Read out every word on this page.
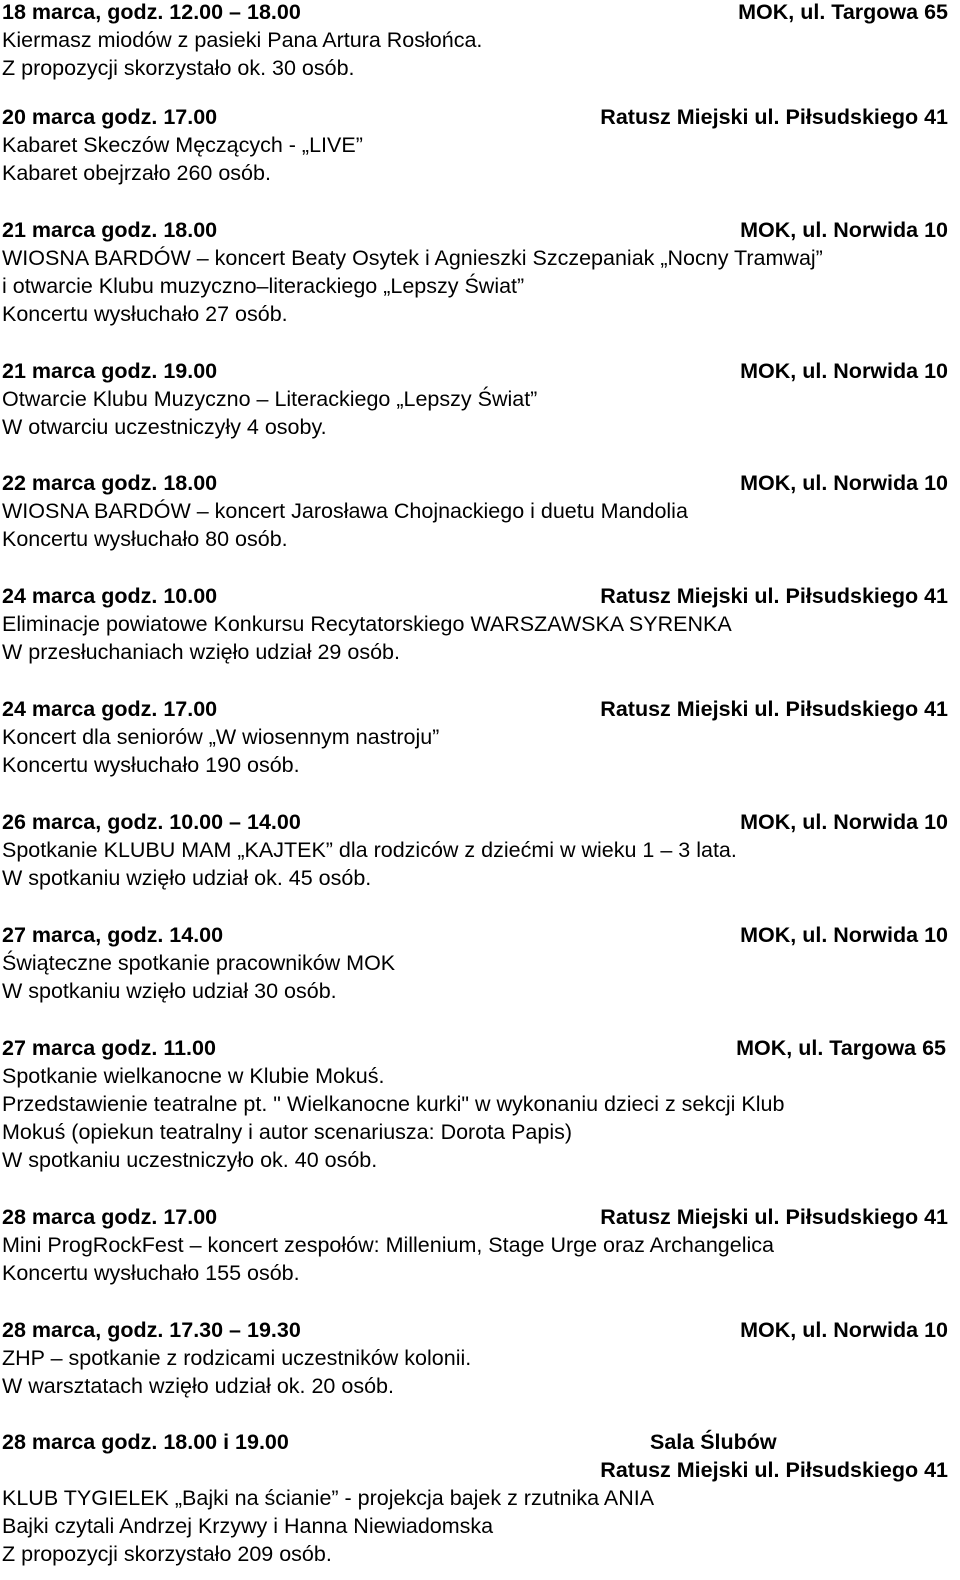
18 marca, godz. 12.00 – 18.00	MOK, ul. Targowa 65
Kiermasz miodów z pasieki Pana Artura Rosłońca.
Z propozycji skorzystało ok. 30 osób.
20 marca godz. 17.00	Ratusz Miejski ul. Piłsudskiego 41
Kabaret Skeczów Męczących - „LIVE”
Kabaret obejrzało 260 osób.
21 marca godz. 18.00	MOK, ul. Norwida 10
WIOSNA BARDÓW – koncert Beaty Osytek i Agnieszki Szczepaniak „Nocny Tramwaj”
i otwarcie Klubu muzyczno–literackiego „Lepszy Świat”
Koncertu wysłuchało 27 osób.
21 marca godz. 19.00	MOK, ul. Norwida 10
Otwarcie Klubu Muzyczno – Literackiego „Lepszy Świat”
W otwarciu uczestniczyły 4 osoby.
22 marca godz. 18.00	MOK, ul. Norwida 10
WIOSNA BARDÓW – koncert Jarosława Chojnackiego i duetu Mandolia
Koncertu wysłuchało 80 osób.
24 marca godz. 10.00	Ratusz Miejski ul. Piłsudskiego 41
Eliminacje powiatowe Konkursu Recytatorskiego WARSZAWSKA SYRENKA
W przesłuchaniach wzięło udział 29 osób.
24 marca godz. 17.00	Ratusz Miejski ul. Piłsudskiego 41
Koncert dla seniorów „W wiosennym nastroju”
Koncertu wysłuchało 190 osób.
26 marca, godz. 10.00 – 14.00	MOK, ul. Norwida 10
Spotkanie KLUBU MAM „KAJTEK” dla rodziców z dziećmi w wieku 1 – 3 lata.
W spotkaniu wzięło udział ok. 45 osób.
27 marca, godz. 14.00	MOK, ul. Norwida 10
Świąteczne spotkanie pracowników MOK
W spotkaniu wzięło udział 30 osób.
27 marca godz. 11.00	MOK, ul. Targowa 65
Spotkanie wielkanocne w Klubie Mokuś.
Przedstawienie teatralne pt. " Wielkanocne kurki" w wykonaniu dzieci z sekcji Klub
Mokuś (opiekun teatralny i autor scenariusza: Dorota Papis)
W spotkaniu uczestniczyło ok. 40 osób.
28 marca godz. 17.00	Ratusz Miejski ul. Piłsudskiego 41
Mini ProgRockFest – koncert zespołów: Millenium, Stage Urge oraz Archangelica
Koncertu wysłuchało 155 osób.
28 marca, godz. 17.30 – 19.30	MOK, ul. Norwida 10
ZHP – spotkanie z rodzicami uczestników kolonii.
W warsztatach wzięło udział ok. 20 osób.
28 marca godz. 18.00 i 19.00	Sala Ślubów
Ratusz Miejski ul. Piłsudskiego 41
KLUB TYGIELEK „Bajki na ścianie” - projekcja bajek z rzutnika ANIA
Bajki czytali Andrzej Krzywy i Hanna Niewiadomska
Z propozycji skorzystało 209 osób.
